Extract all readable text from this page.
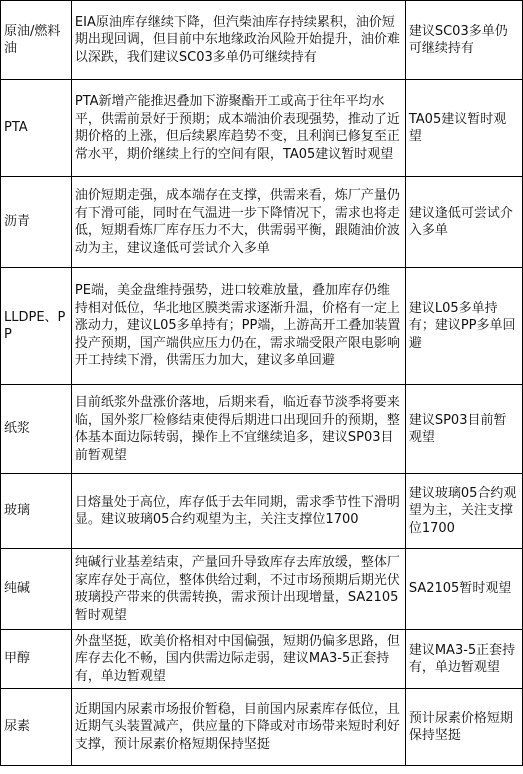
原油/燃料油	EIA原油库存继续下降，但汽柴油库存持续累积，油价短期出现回调，但目前中东地缘政治风险开始提升，油价难以深跌，我们建议SC03多单仍可继续持有	建议SC03多单仍可继续持有
PTA	PTA新增产能推迟叠加下游聚酯开工或高于往年平均水平，供需前景好于预期；成本端油价表现强势，推动了近期价格的上涨，但后续累库趋势不变，且利润已修复至正常水平，期价继续上行的空间有限，TA05建议暂时观望	TA05建议暂时观望
沥青	油价短期走强，成本端存在支撑，供需来看，炼厂产量仍有下滑可能，同时在气温进一步下降情况下，需求也将走低，短期看炼厂库存压力不大，供需弱平衡，跟随油价波动为主，建议逢低可尝试介入多单	建议逢低可尝试介入多单
LLDPE、PP	PE端，美金盘维持强势，进口较难放量，叠加库存仍维持相对低位，华北地区膜类需求逐渐升温，价格有一定上涨动力，建议L05多单持有；PP端，上游高开工叠加装置投产预期，国产端供应压力仍在，需求端受限产限电影响开工持续下滑，供需压力加大，建议多单回避	建议L05多单持有；建议PP多单回避
纸浆	目前纸浆外盘涨价落地，后期来看，临近春节淡季将要来临，国外浆厂检修结束使得后期进口出现回升的预期，整体基本面边际转弱，操作上不宜继续追多，建议SP03目前暂观望	建议SP03目前暂观望
玻璃	日熔量处于高位，库存低于去年同期，需求季节性下滑明显。建议玻璃05合约观望为主，关注支撑位1700	建议玻璃05合约观望为主，关注支撑位1700
纯碱	纯碱行业基差结束，产量回升导致库存去库放缓，整体厂家库存处于高位，整体供给过剩，不过市场预期后期光伏玻璃投产带来的供需转换，需求预计出现增量，SA2105暂时观望	SA2105暂时观望
甲醇	外盘坚挺，欧美价格相对中国偏强，短期仍偏多思路，但库存去化不畅，国内供需边际走弱，建议MA3-5正套持有，单边暂观望	建议MA3-5正套持有，单边暂观望
尿素	近期国内尿素市场报价暂稳，目前国内尿素库存低位，且近期气头装置减产，供应量的下降或对市场带来短时利好支撑，预计尿素价格短期保持坚挺	预计尿素价格短期保持坚挺
